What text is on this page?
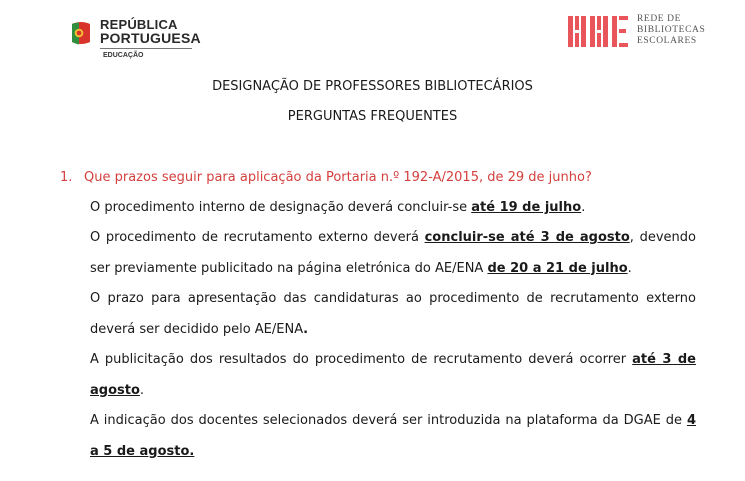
REPÚBLICA
PORTUGUESA
EDUCAÇÃO
REDE DE
BIBLIOTECAS
ESCOLARES
DESIGNAÇÃO DE PROFESSORES BIBLIOTECÁRIOS
PERGUNTAS FREQUENTES
1. Que prazos seguir para aplicação da Portaria n.º 192-A/2015, de 29 de junho?
O procedimento interno de designação deverá concluir-se até 19 de julho.
O procedimento de recrutamento externo deverá concluir-se até 3 de agosto, devendo ser previamente publicitado na página eletrónica do AE/ENA de 20 a 21 de julho.
O prazo para apresentação das candidaturas ao procedimento de recrutamento externo deverá ser decidido pelo AE/ENA.
A publicitação dos resultados do procedimento de recrutamento deverá ocorrer até 3 de agosto.
A indicação dos docentes selecionados deverá ser introduzida na plataforma da DGAE de 4 a 5 de agosto.
